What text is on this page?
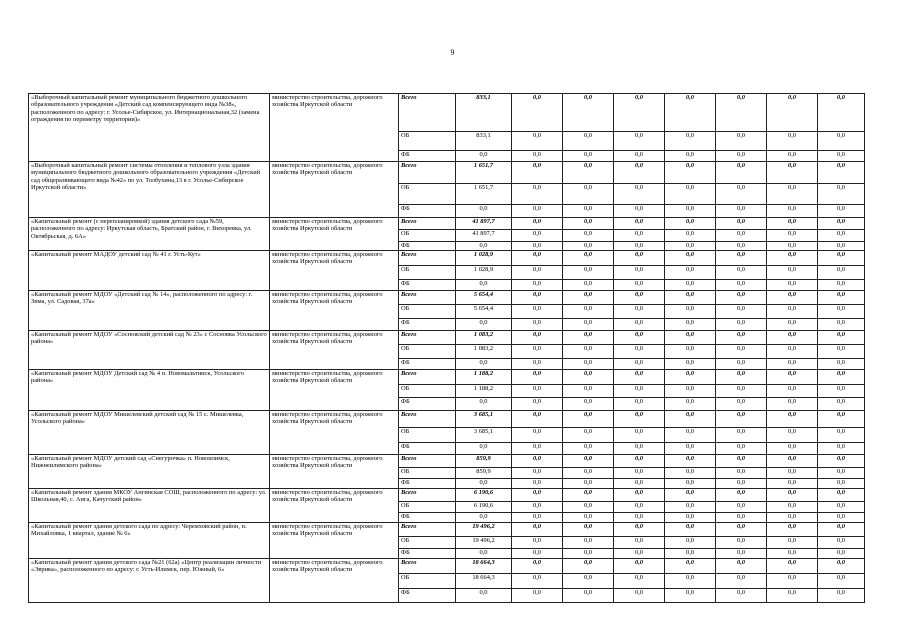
9
«Выборочный капитальный ремонт муниципального бюджетного дошкольного образовательного учреждения «Детский сад компенсирующего вида №38», расположенного по адресу: г. Усолье-Сибирское, ул. Интернациональная,32 (замена ограждения по периметру территории)»	министерство строительства, дорожного хозяйства Иркутской области	Всего	833,1	0,0	0,0	0,0	0,0	0,0	0,0	0,0
		ОБ	833,1	0,0	0,0	0,0	0,0	0,0	0,0	0,0
		ФБ	0,0	0,0	0,0	0,0	0,0	0,0	0,0	0,0
«Выборочный капитальный ремонт системы отопления и теплового узла здания муниципального бюджетного дошкольного образовательного учреждения «Детский сад общеразвивающего вида №42» по ул. Толбухина,13 в г. Усолье-Сибирское Иркутской области»	министерство строительства, дорожного хозяйства Иркутской области	Всего	1 651,7	0,0	0,0	0,0	0,0	0,0	0,0	0,0
		ОБ	1 651,7	0,0	0,0	0,0	0,0	0,0	0,0	0,0
		ФБ	0,0	0,0	0,0	0,0	0,0	0,0	0,0	0,0
«Капитальный ремонт (с перепланировкой) здания детского сада №59, расположенного по адресу: Иркутская область, Братский район, г. Вихоревка, ул. Октябрьская, д. 6А»	министерство строительства, дорожного хозяйства Иркутской области	Всего	41 897,7	0,0	0,0	0,0	0,0	0,0	0,0	0,0
		ОБ	41 897,7	0,0	0,0	0,0	0,0	0,0	0,0	0,0
		ФБ	0,0	0,0	0,0	0,0	0,0	0,0	0,0	0,0
«Капитальный ремонт МАДОУ детский сад № 41 г. Усть-Кут»	министерство строительства, дорожного хозяйства Иркутской области	Всего	1 028,9	0,0	0,0	0,0	0,0	0,0	0,0	0,0
		ОБ	1 028,9	0,0	0,0	0,0	0,0	0,0	0,0	0,0
		ФБ	0,0	0,0	0,0	0,0	0,0	0,0	0,0	0,0
«Капитальный ремонт МДОУ «Детский сад № 14», расположенного по адресу: г. Зима, ул. Садовая, 37а»	министерство строительства, дорожного хозяйства Иркутской области	Всего	5 654,4	0,0	0,0	0,0	0,0	0,0	0,0	0,0
		ОБ	5 654,4	0,0	0,0	0,0	0,0	0,0	0,0	0,0
		ФБ	0,0	0,0	0,0	0,0	0,0	0,0	0,0	0,0
«Капитальный ремонт МДОУ «Сосновский детский сад № 23» с Сосновка Усольского района»	министерство строительства, дорожного хозяйства Иркутской области	Всего	1 083,2	0,0	0,0	0,0	0,0	0,0	0,0	0,0
		ОБ	1 083,2	0,0	0,0	0,0	0,0	0,0	0,0	0,0
		ФБ	0,0	0,0	0,0	0,0	0,0	0,0	0,0	0,0
«Капитальный ремонт МДОУ Детский сад № 4 п. Новомальтинск, Усольского района»	министерство строительства, дорожного хозяйства Иркутской области	Всего	1 188,2	0,0	0,0	0,0	0,0	0,0	0,0	0,0
		ОБ	1 188,2	0,0	0,0	0,0	0,0	0,0	0,0	0,0
		ФБ	0,0	0,0	0,0	0,0	0,0	0,0	0,0	0,0
«Капитальный ремонт МДОУ Мишелевский детский сад № 15 с. Мишелевка, Усольского района»	министерство строительства, дорожного хозяйства Иркутской области	Всего	3 685,1	0,0	0,0	0,0	0,0	0,0	0,0	0,0
		ОБ	3 685,1	0,0	0,0	0,0	0,0	0,0	0,0	0,0
		ФБ	0,0	0,0	0,0	0,0	0,0	0,0	0,0	0,0
«Капитальный ремонт МДОУ детский сад «Снегурочка» п. Новоилимск, Нижнеилимского района»	министерство строительства, дорожного хозяйства Иркутской области	Всего	859,9	0,0	0,0	0,0	0,0	0,0	0,0	0,0
		ОБ	859,9	0,0	0,0	0,0	0,0	0,0	0,0	0,0
		ФБ	0,0	0,0	0,0	0,0	0,0	0,0	0,0	0,0
«Капитальный ремонт здания МКОУ Ангинская СОШ, расположенного по адресу: ул. Школьная,40, с. Анга, Качугский район»	министерство строительства, дорожного хозяйства Иркутской области	Всего	6 190,6	0,0	0,0	0,0	0,0	0,0	0,0	0,0
		ОБ	6 190,6	0,0	0,0	0,0	0,0	0,0	0,0	0,0
		ФБ	0,0	0,0	0,0	0,0	0,0	0,0	0,0	0,0
«Капитальный ремонт здания детского сада по адресу: Черемховский район, п. Михайловка, 1 квартал, здание № 6»	министерство строительства, дорожного хозяйства Иркутской области	Всего	19 496,2	0,0	0,0	0,0	0,0	0,0	0,0	0,0
		ОБ	19 496,2	0,0	0,0	0,0	0,0	0,0	0,0	0,0
		ФБ	0,0	0,0	0,0	0,0	0,0	0,0	0,0	0,0
«Капитальный ремонт здания детского сада №21 (62а) «Центр реализации личности «Эврика», расположенного по адресу: г. Усть-Илимск, пер. Южный, 6»	министерство строительства, дорожного хозяйства Иркутской области	Всего	18 664,3	0,0	0,0	0,0	0,0	0,0	0,0	0,0
		ОБ	18 664,3	0,0	0,0	0,0	0,0	0,0	0,0	0,0
		ФБ	0,0	0,0	0,0	0,0	0,0	0,0	0,0	0,0
